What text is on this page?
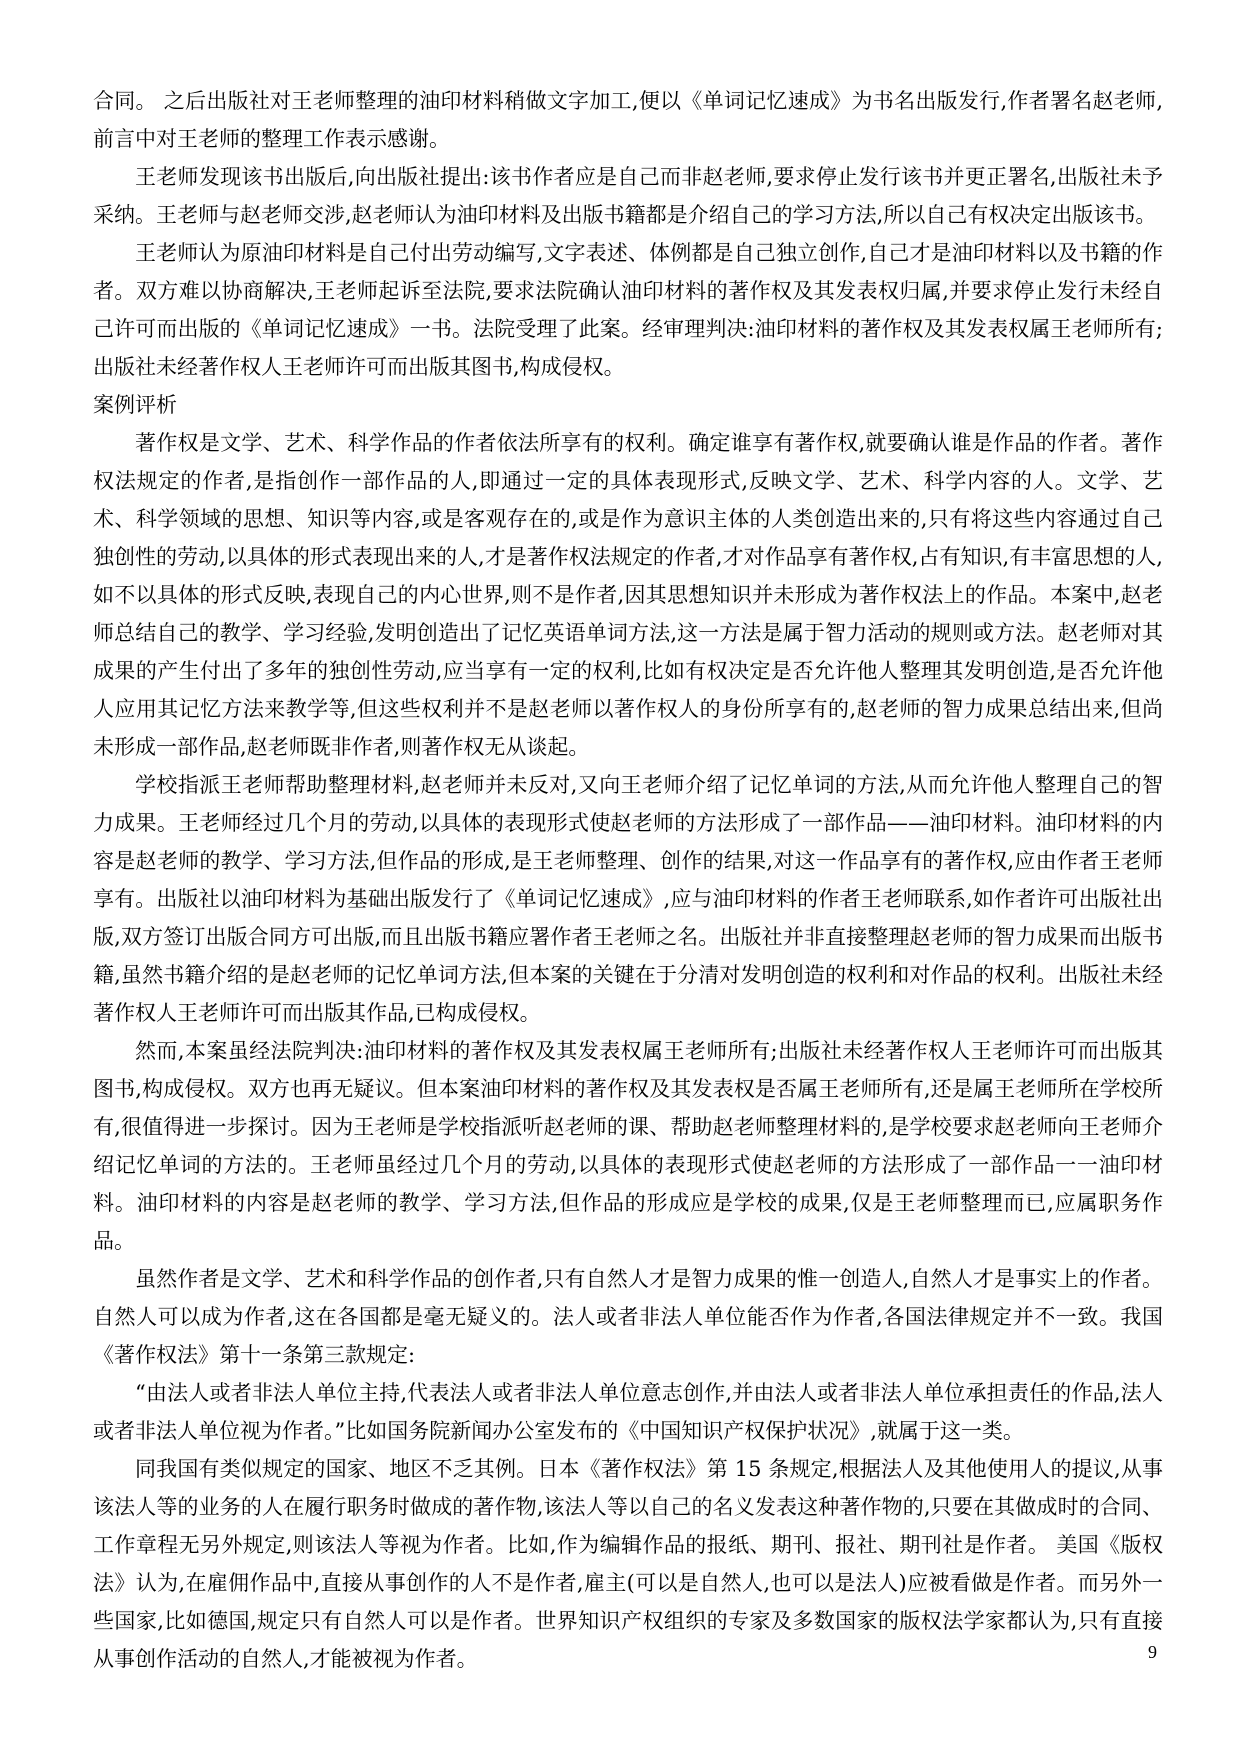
合同。 之后出版社对王老师整理的油印材料稍做文字加工,便以《单词记忆速成》为书名出版发行,作者署名赵老师,前言中对王老师的整理工作表示感谢。

王老师发现该书出版后,向出版社提出:该书作者应是自己而非赵老师,要求停止发行该书并更正署名,出版社未予采纳。王老师与赵老师交涉,赵老师认为油印材料及出版书籍都是介绍自己的学习方法,所以自己有权决定出版该书。

王老师认为原油印材料是自己付出劳动编写,文字表述、体例都是自己独立创作,自己才是油印材料以及书籍的作者。双方难以协商解决,王老师起诉至法院,要求法院确认油印材料的著作权及其发表权归属,并要求停止发行未经自己许可而出版的《单词记忆速成》一书。法院受理了此案。经审理判决:油印材料的著作权及其发表权属王老师所有;出版社未经著作权人王老师许可而出版其图书,构成侵权。

案例评析

著作权是文学、艺术、科学作品的作者依法所享有的权利。确定谁享有著作权,就要确认谁是作品的作者。著作权法规定的作者,是指创作一部作品的人,即通过一定的具体表现形式,反映文学、艺术、科学内容的人。文学、艺术、科学领域的思想、知识等内容,或是客观存在的,或是作为意识主体的人类创造出来的,只有将这些内容通过自己独创性的劳动,以具体的形式表现出来的人,才是著作权法规定的作者,才对作品享有著作权,占有知识,有丰富思想的人,如不以具体的形式反映,表现自己的内心世界,则不是作者,因其思想知识并未形成为著作权法上的作品。本案中,赵老师总结自己的教学、学习经验,发明创造出了记忆英语单词方法,这一方法是属于智力活动的规则或方法。赵老师对其成果的产生付出了多年的独创性劳动,应当享有一定的权利,比如有权决定是否允许他人整理其发明创造,是否允许他人应用其记忆方法来教学等,但这些权利并不是赵老师以著作权人的身份所享有的,赵老师的智力成果总结出来,但尚未形成一部作品,赵老师既非作者,则著作权无从谈起。

学校指派王老师帮助整理材料,赵老师并未反对,又向王老师介绍了记忆单词的方法,从而允许他人整理自己的智力成果。王老师经过几个月的劳动,以具体的表现形式使赵老师的方法形成了一部作品——油印材料。油印材料的内容是赵老师的教学、学习方法,但作品的形成,是王老师整理、创作的结果,对这一作品享有的著作权,应由作者王老师享有。出版社以油印材料为基础出版发行了《单词记忆速成》,应与油印材料的作者王老师联系,如作者许可出版社出版,双方签订出版合同方可出版,而且出版书籍应署作者王老师之名。出版社并非直接整理赵老师的智力成果而出版书籍,虽然书籍介绍的是赵老师的记忆单词方法,但本案的关键在于分清对发明创造的权利和对作品的权利。出版社未经著作权人王老师许可而出版其作品,已构成侵权。

然而,本案虽经法院判决:油印材料的著作权及其发表权属王老师所有;出版社未经著作权人王老师许可而出版其图书,构成侵权。双方也再无疑议。但本案油印材料的著作权及其发表权是否属王老师所有,还是属王老师所在学校所有,很值得进一步探讨。因为王老师是学校指派听赵老师的课、帮助赵老师整理材料的,是学校要求赵老师向王老师介绍记忆单词的方法的。王老师虽经过几个月的劳动,以具体的表现形式使赵老师的方法形成了一部作品一一油印材料。油印材料的内容是赵老师的教学、学习方法,但作品的形成应是学校的成果,仅是王老师整理而已,应属职务作品。

虽然作者是文学、艺术和科学作品的创作者,只有自然人才是智力成果的惟一创造人,自然人才是事实上的作者。自然人可以成为作者,这在各国都是毫无疑义的。法人或者非法人单位能否作为作者,各国法律规定并不一致。我国《著作权法》第十一条第三款规定:

“由法人或者非法人单位主持,代表法人或者非法人单位意志创作,并由法人或者非法人单位承担责任的作品,法人或者非法人单位视为作者。”比如国务院新闻办公室发布的《中国知识产权保护状况》,就属于这一类。

同我国有类似规定的国家、地区不乏其例。日本《著作权法》第 15 条规定,根据法人及其他使用人的提议,从事该法人等的业务的人在履行职务时做成的著作物,该法人等以自己的名义发表这种著作物的,只要在其做成时的合同、工作章程无另外规定,则该法人等视为作者。比如,作为编辑作品的报纸、期刊、报社、期刊社是作者。 美国《版权法》认为,在雇佣作品中,直接从事创作的人不是作者,雇主(可以是自然人,也可以是法人)应被看做是作者。而另外一些国家,比如德国,规定只有自然人可以是作者。世界知识产权组织的专家及多数国家的版权法学家都认为,只有直接从事创作活动的自然人,才能被视为作者。	9
